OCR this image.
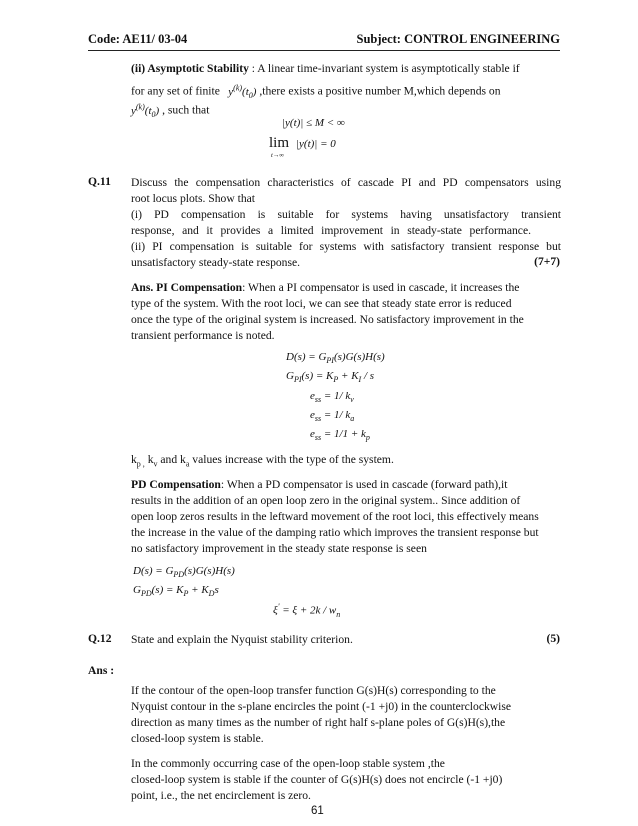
Code: AE11/ 03-04	Subject: CONTROL ENGINEERING
(ii) Asymptotic Stability : A linear time-invariant system is asymptotically stable if
for any set of finite   $y^{(k)}(t_0)$ ,there exists a positive number M,which depends on
$y^{(k)}(t_0)$ , such that
|y(t)| ≤ M < ∞
lim |y(t)| = 0
t→∞
Q.11 Discuss the compensation characteristics of cascade PI and PD compensators using
root locus plots. Show that
(i) PD compensation is suitable for systems having unsatisfactory transient
response, and it provides a limited improvement in steady-state performance.
(ii) PI compensation is suitable for systems with satisfactory transient response but
unsatisfactory steady-state response.	(7+7)
Ans. PI Compensation: When a PI compensator is used in cascade, it increases the
type of the system. With the root loci, we can see that steady state error is reduced
once the type of the original system is increased. No satisfactory improvement in the
transient performance is noted.
$D(s) = G_{PI}(s)G(s)H(s)$
$G_{PI}(s) = K_P + K_I / s$
$e_{ss} = 1/$ $k_v$
$e_{ss} = 1/$ $k_a$
$e_{ss} = 1/1 + k_p$
$k_{p ,}$ $k_v$ and $k_a$ values increase with the type of the system.
PD Compensation: When a PD compensator is used in cascade (forward path),it
results in the addition of an open loop zero in the original system.. Since addition of
open loop zeros results in the leftward movement of the root loci, this effectively means
the increase in the value of the damping ratio which improves the transient response but
no satisfactory improvement in the steady state response is seen
$D(s) = G_{PD}(s)G(s)H(s)$
$G_{PD}(s) = K_P + K_Ds$
$\xi' = \xi + 2k / w_n$
Q.12 State and explain the Nyquist stability criterion.	(5)
Ans :
If the contour of the open-loop transfer function G(s)H(s) corresponding to the
Nyquist contour in the s-plane encircles the point (-1 +j0) in the counterclockwise
direction as many times as the number of right half s-plane poles of G(s)H(s),the
closed-loop system is stable.
In the commonly occurring case of the open-loop stable system ,the
closed-loop system is stable if the counter of G(s)H(s) does not encircle (-1 +j0)
point, i.e., the net encirclement is zero.
61
